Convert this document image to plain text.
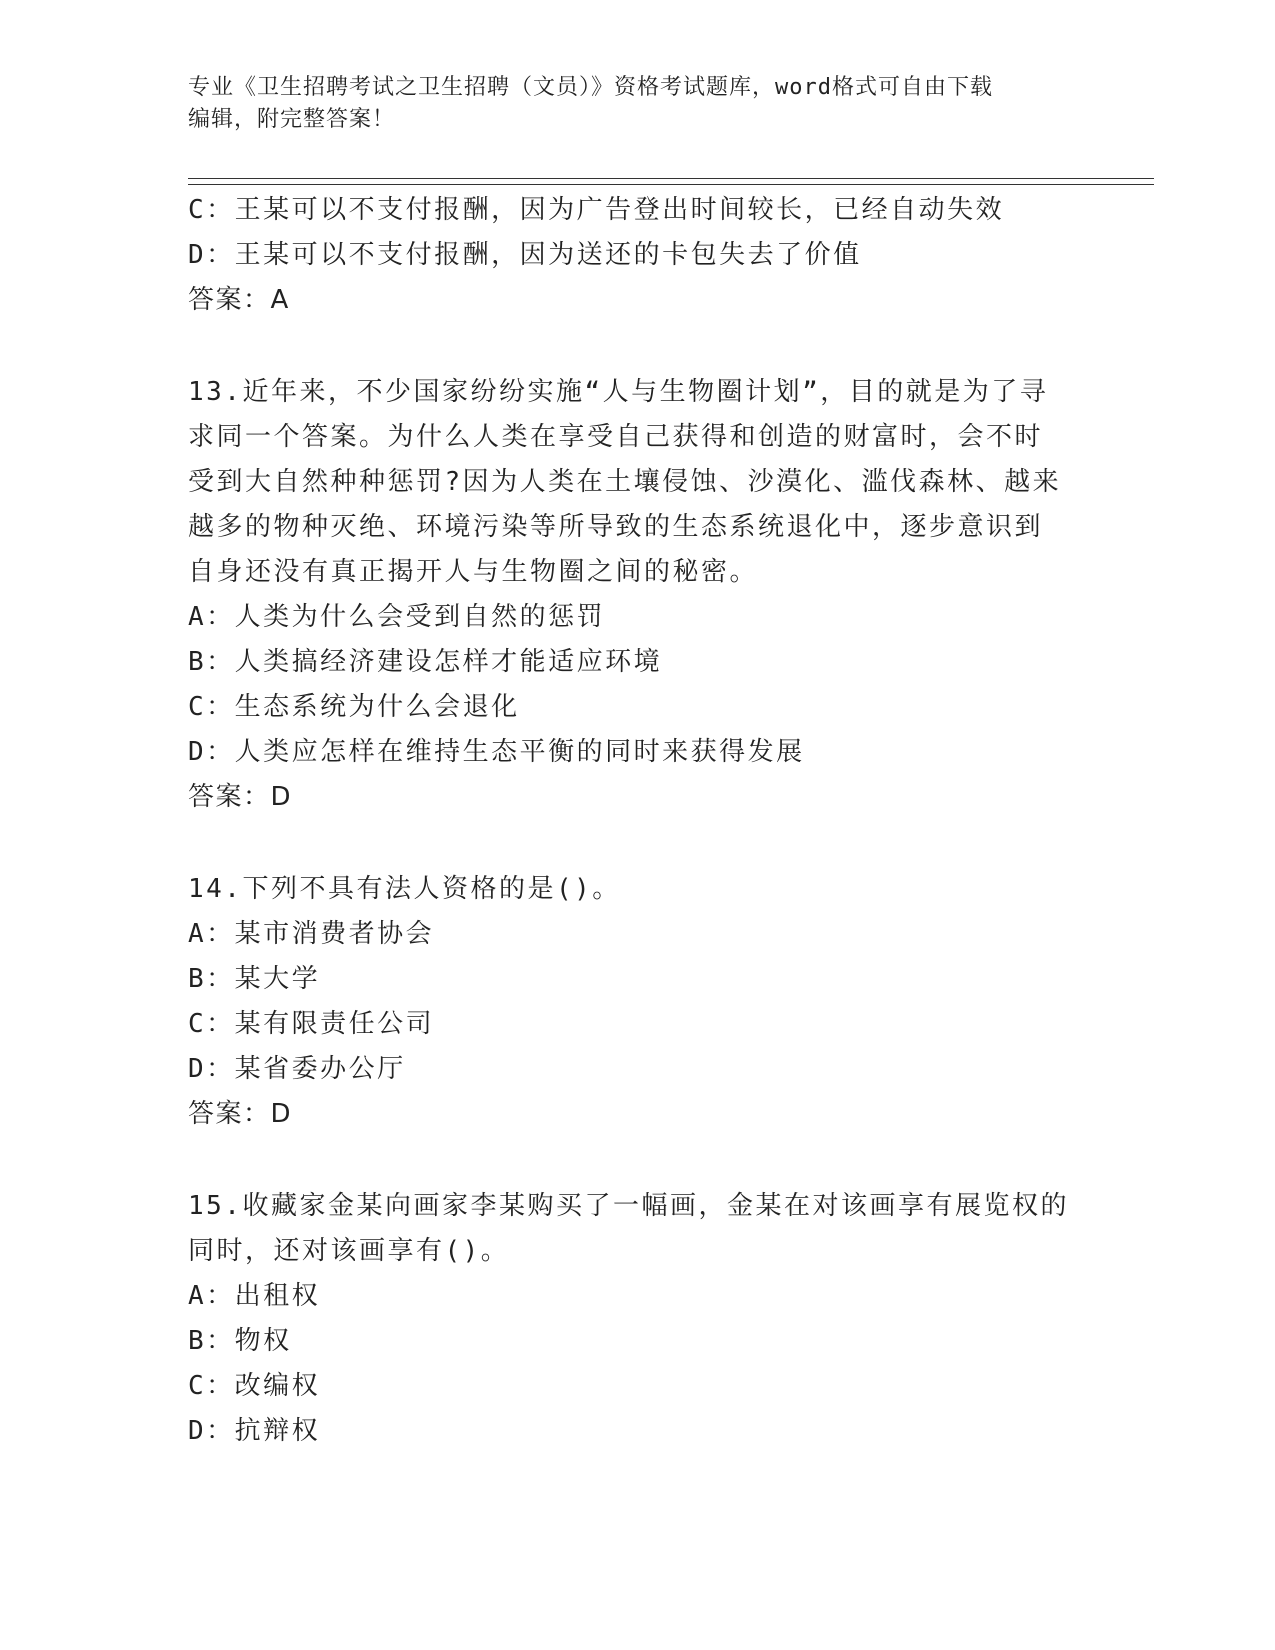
专业《卫生招聘考试之卫生招聘（文员）》资格考试题库，word格式可自由下载
编辑，附完整答案！
C：王某可以不支付报酬，因为广告登出时间较长，已经自动失效
D：王某可以不支付报酬，因为送还的卡包失去了价值
答案：A
13.近年来，不少国家纷纷实施“人与生物圈计划”，目的就是为了寻
求同一个答案。为什么人类在享受自己获得和创造的财富时，会不时
受到大自然种种惩罚?因为人类在土壤侵蚀、沙漠化、滥伐森林、越来
越多的物种灭绝、环境污染等所导致的生态系统退化中，逐步意识到
自身还没有真正揭开人与生物圈之间的秘密。
A：人类为什么会受到自然的惩罚
B：人类搞经济建设怎样才能适应环境
C：生态系统为什么会退化
D：人类应怎样在维持生态平衡的同时来获得发展
答案：D
14.下列不具有法人资格的是()。
A：某市消费者协会
B：某大学
C：某有限责任公司
D：某省委办公厅
答案：D
15.收藏家金某向画家李某购买了一幅画，金某在对该画享有展览权的
同时，还对该画享有()。
A：出租权
B：物权
C：改编权
D：抗辩权
